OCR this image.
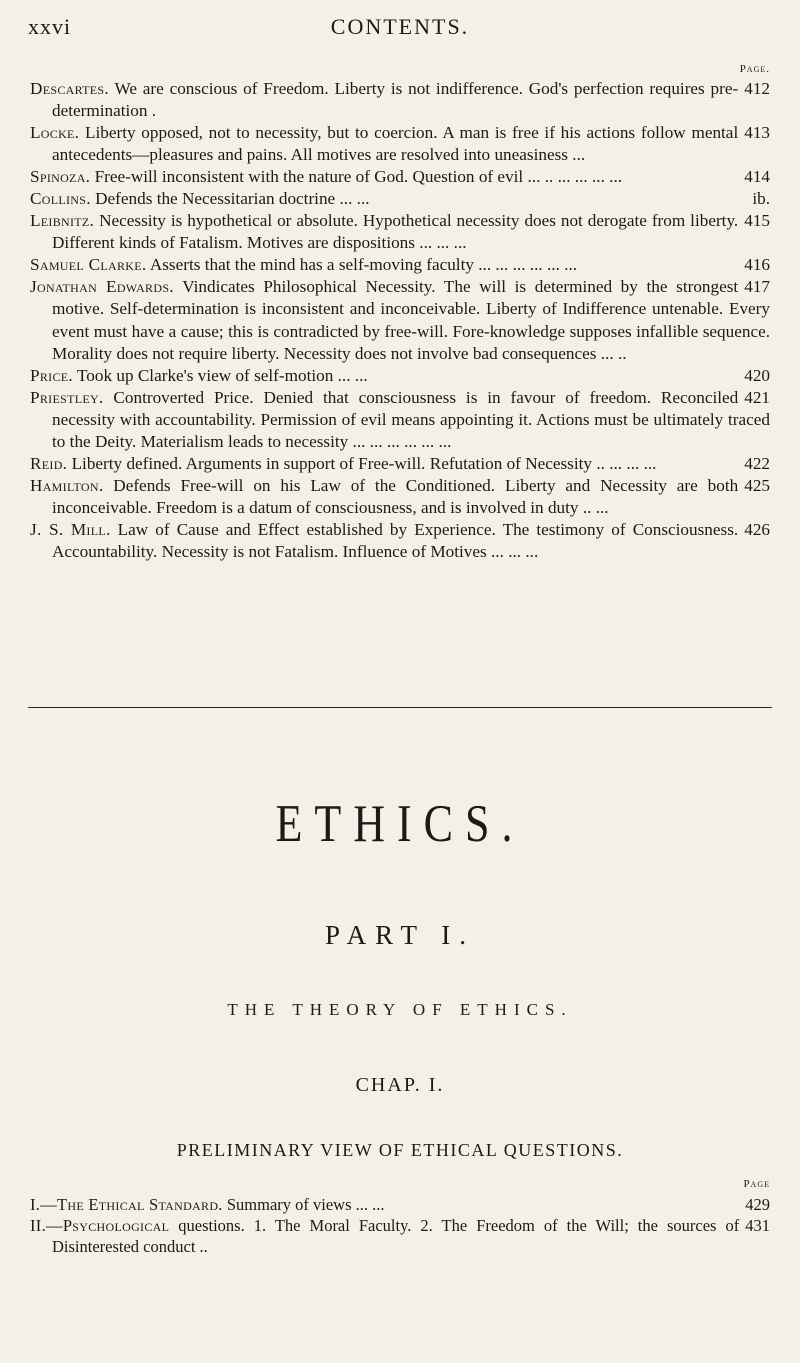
xxvi	CONTENTS.
Page.

412
Descartes. We are conscious of Freedom. Liberty is not indifference. God's perfection requires pre-determination .

413
Locke. Liberty opposed, not to necessity, but to coercion. A man is free if his actions follow mental antecedents—pleasures and pains. All motives are resolved into uneasiness ...

414
Spinoza. Free-will inconsistent with the nature of God. Question of evil ... .. ... ... ... ...

ib.
Collins. Defends the Necessitarian doctrine ... ...

415
Leibnitz. Necessity is hypothetical or absolute. Hypothetical necessity does not derogate from liberty. Different kinds of Fatalism. Motives are dispositions ... ... ...

416
Samuel Clarke. Asserts that the mind has a self-moving faculty ... ... ... ... ... ...

417
Jonathan Edwards. Vindicates Philosophical Necessity. The will is determined by the strongest motive. Self-determination is inconsistent and inconceivable. Liberty of Indifference untenable. Every event must have a cause; this is contradicted by free-will. Fore-knowledge supposes infallible sequence. Morality does not require liberty. Necessity does not involve bad consequences ... ..

420
Price. Took up Clarke's view of self-motion ... ...

421
Priestley. Controverted Price. Denied that consciousness is in favour of freedom. Reconciled necessity with accountability. Permission of evil means appointing it. Actions must be ultimately traced to the Deity. Materialism leads to necessity ... ... ... ... ... ...

422
Reid. Liberty defined. Arguments in support of Free-will. Refutation of Necessity .. ... ... ...

425
Hamilton. Defends Free-will on his Law of the Conditioned. Liberty and Necessity are both inconceivable. Freedom is a datum of consciousness, and is involved in duty .. ...

426
J. S. Mill. Law of Cause and Effect established by Experience. The testimony of Consciousness. Accountability. Necessity is not Fatalism. Influence of Motives ... ... ...

ETHICS.
PART I.
THE THEORY OF ETHICS.
CHAP. I.
PRELIMINARY VIEW OF ETHICAL QUESTIONS.
Page

429
I.—The Ethical Standard. Summary of views ... ...

431
II.—Psychological questions. 1. The Moral Faculty. 2. The Freedom of the Will; the sources of Disinterested conduct ..
